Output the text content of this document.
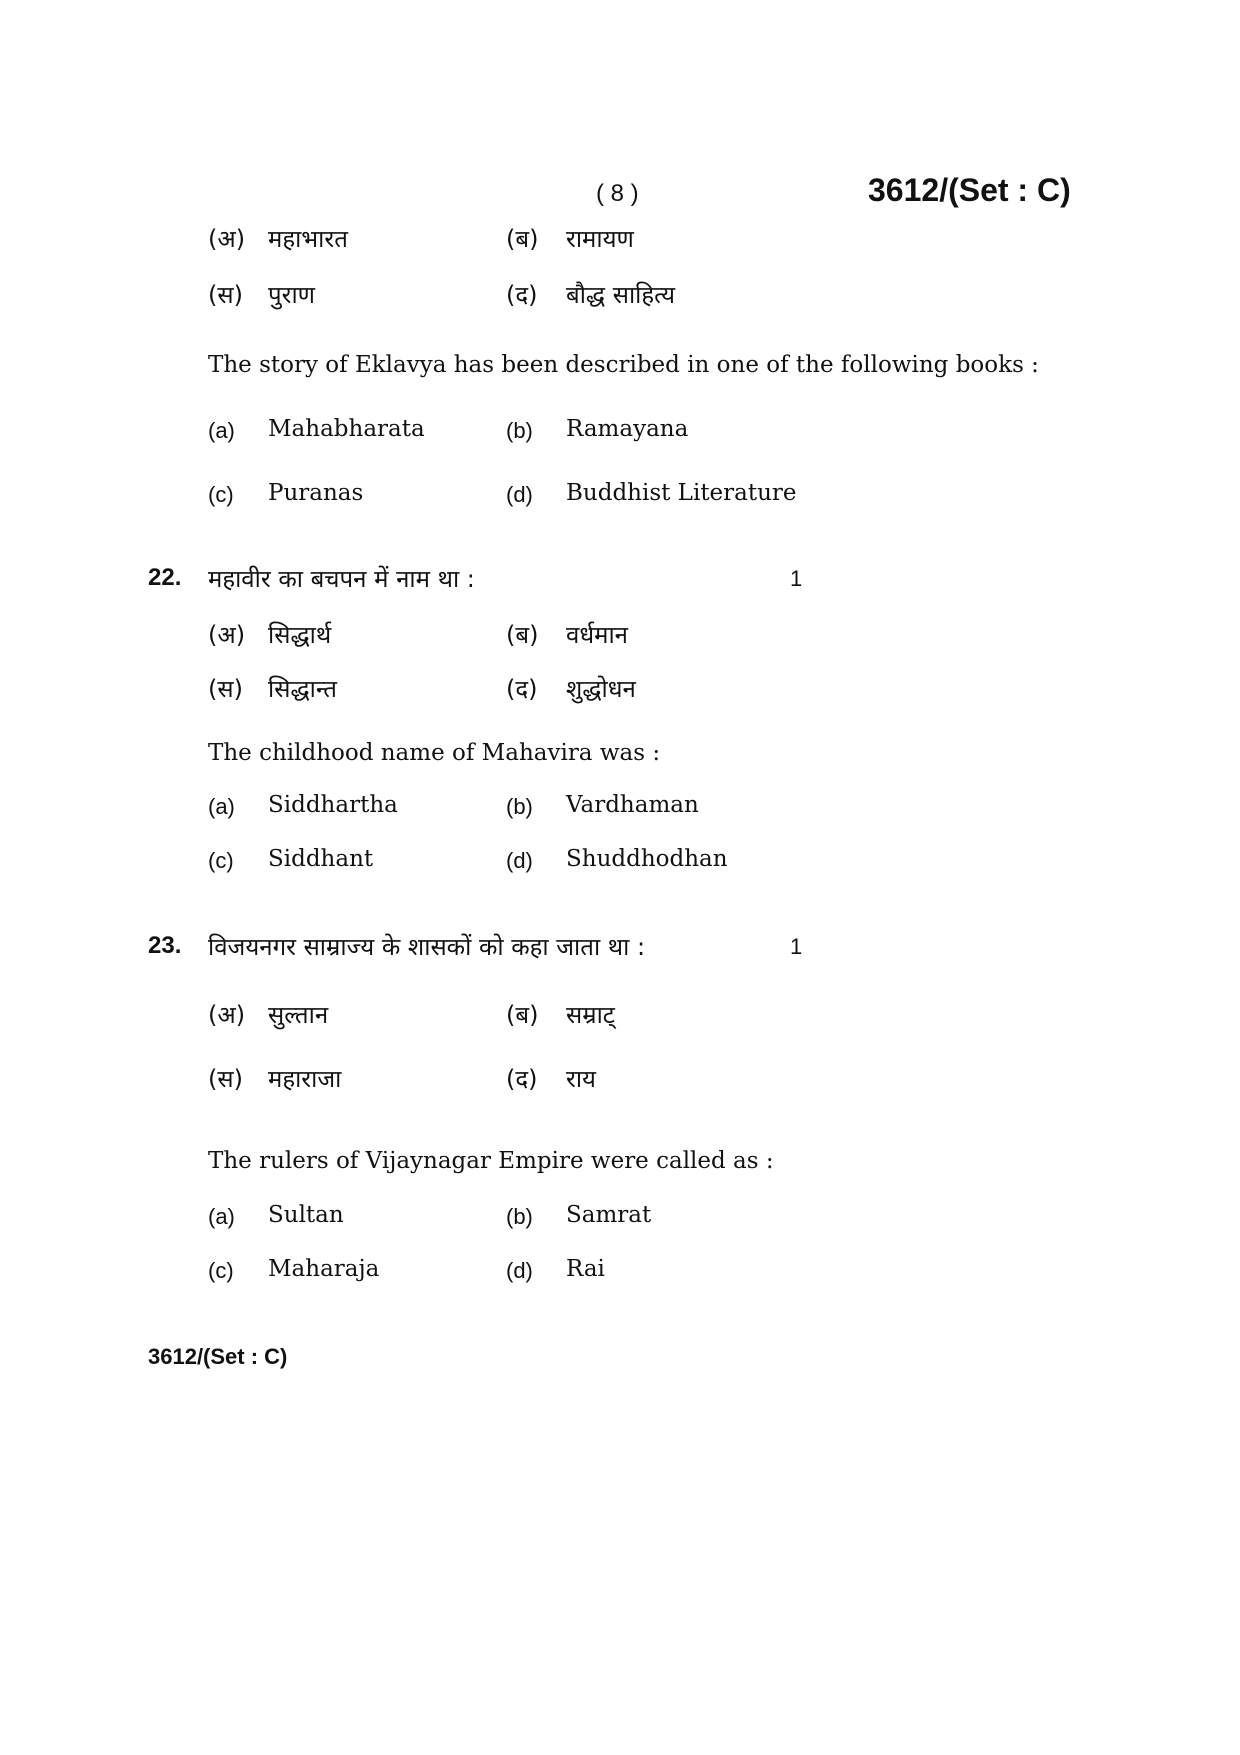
( 8 )	3612/(Set : C)
(अ) महाभारत	(ब) रामायण
(स) पुराण	(द) बौद्ध साहित्य
The story of Eklavya has been described in one of the following books :
(a) Mahabharata	(b) Ramayana
(c) Puranas	(d) Buddhist Literature
22. महावीर का बचपन में नाम था :	1
(अ) सिद्धार्थ	(ब) वर्धमान
(स) सिद्धान्त	(द) शुद्धोधन
The childhood name of Mahavira was :
(a) Siddhartha	(b) Vardhaman
(c) Siddhant	(d) Shuddhodhan
23. विजयनगर साम्राज्य के शासकों को कहा जाता था :	1
(अ) सुल्तान	(ब) सम्राट्
(स) महाराजा	(द) राय
The rulers of Vijaynagar Empire were called as :
(a) Sultan	(b) Samrat
(c) Maharaja	(d) Rai
3612/(Set : C)
